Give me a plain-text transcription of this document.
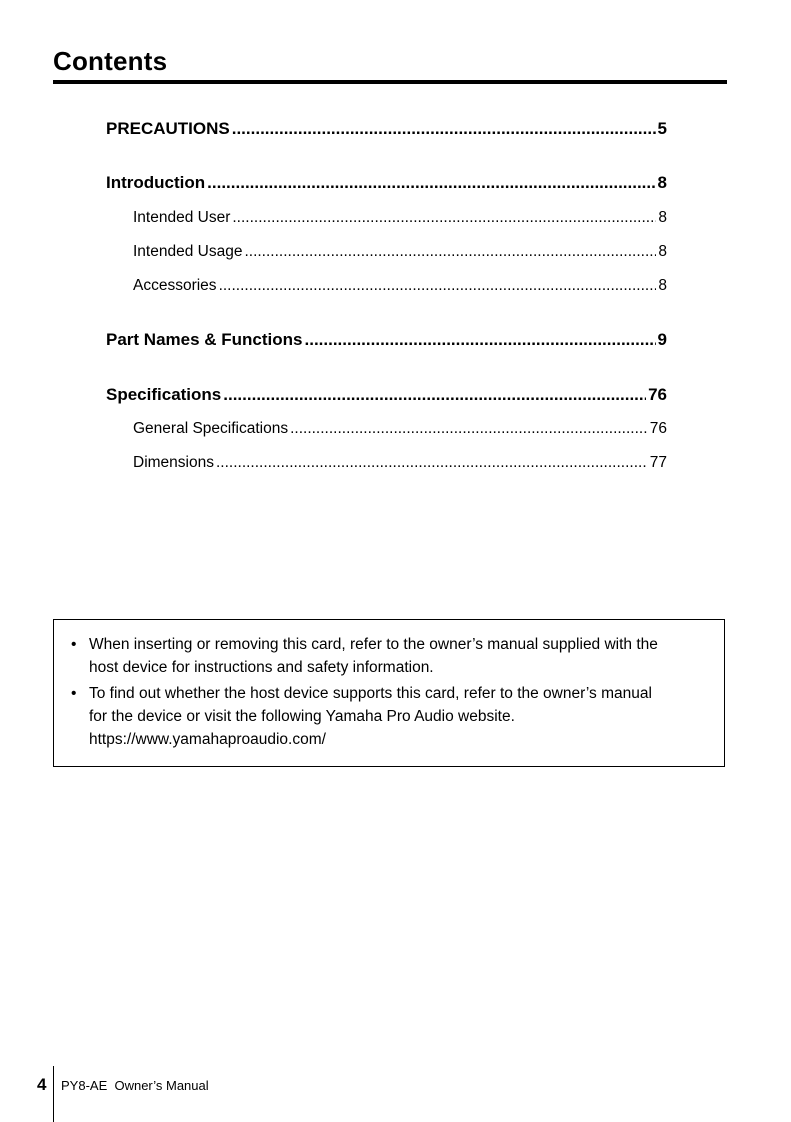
Contents
PRECAUTIONS .....	5
Introduction .....	8
Intended User .....	8
Intended Usage .....	8
Accessories .....	8
Part Names & Functions .....	9
Specifications .....	76
General Specifications .....	76
Dimensions .....	77
• When inserting or removing this card, refer to the owner’s manual supplied with the
host device for instructions and safety information.
• To find out whether the host device supports this card, refer to the owner’s manual
for the device or visit the following Yamaha Pro Audio website.
https://www.yamahaproaudio.com/
4 PY8-AE  Owner’s Manual
